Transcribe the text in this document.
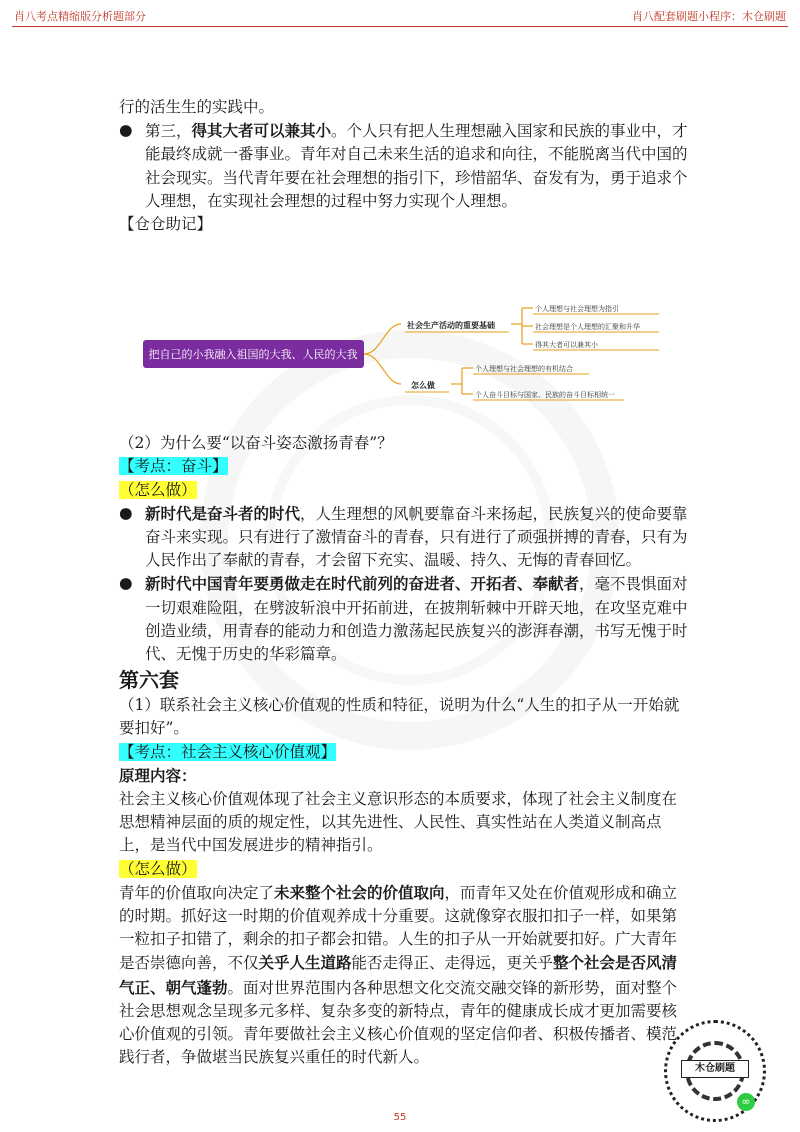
肖八考点精缩版分析题部分	肖八配套刷题小程序：木仓刷题

行的活生生的实践中。

● 第三，得其大者可以兼其小。个人只有把人生理想融入国家和民族的事业中，才能最终成就一番事业。青年对自己未来生活的追求和向往，不能脱离当代中国的社会现实。当代青年要在社会理想的指引下，珍惜韶华、奋发有为，勇于追求个人理想，在实现社会理想的过程中努力实现个人理想。

【仓仓助记】

把自己的小我融入祖国的大我、人民的大我
社会生产活动的重要基础
个人理想与社会理想为指引
社会理想是个人理想的汇聚和升华
得其大者可以兼其小
怎么做
个人理想与社会理想的有机结合
个人奋斗目标与国家、民族的奋斗目标相统一

（2）为什么要“以奋斗姿态激扬青春”？

【考点：奋斗】

（怎么做）

● 新时代是奋斗者的时代，人生理想的风帆要靠奋斗来扬起，民族复兴的使命要靠奋斗来实现。只有进行了激情奋斗的青春，只有进行了顽强拼搏的青春，只有为人民作出了奉献的青春，才会留下充实、温暖、持久、无悔的青春回忆。

● 新时代中国青年要勇做走在时代前列的奋进者、开拓者、奉献者，毫不畏惧面对一切艰难险阻，在劈波斩浪中开拓前进，在披荆斩棘中开辟天地，在攻坚克难中创造业绩，用青春的能动力和创造力激荡起民族复兴的澎湃春潮，书写无愧于时代、无愧于历史的华彩篇章。

第六套

（1）联系社会主义核心价值观的性质和特征，说明为什么“人生的扣子从一开始就要扣好”。

【考点：社会主义核心价值观】

原理内容：

社会主义核心价值观体现了社会主义意识形态的本质要求，体现了社会主义制度在思想精神层面的质的规定性，以其先进性、人民性、真实性站在人类道义制高点上，是当代中国发展进步的精神指引。

（怎么做）

青年的价值取向决定了未来整个社会的价值取向，而青年又处在价值观形成和确立的时期。抓好这一时期的价值观养成十分重要。这就像穿衣服扣扣子一样，如果第一粒扣子扣错了，剩余的扣子都会扣错。人生的扣子从一开始就要扣好。广大青年是否崇德向善，不仅关乎人生道路能否走得正、走得远，更关乎整个社会是否风清气正、朝气蓬勃。面对世界范围内各种思想文化交流交融交锋的新形势，面对整个社会思想观念呈现多元多样、复杂多变的新特点，青年的健康成长成才更加需要核心价值观的引领。青年要做社会主义核心价值观的坚定信仰者、积极传播者、模范践行者，争做堪当民族复兴重任的时代新人。

木仓刷题
∞
55
